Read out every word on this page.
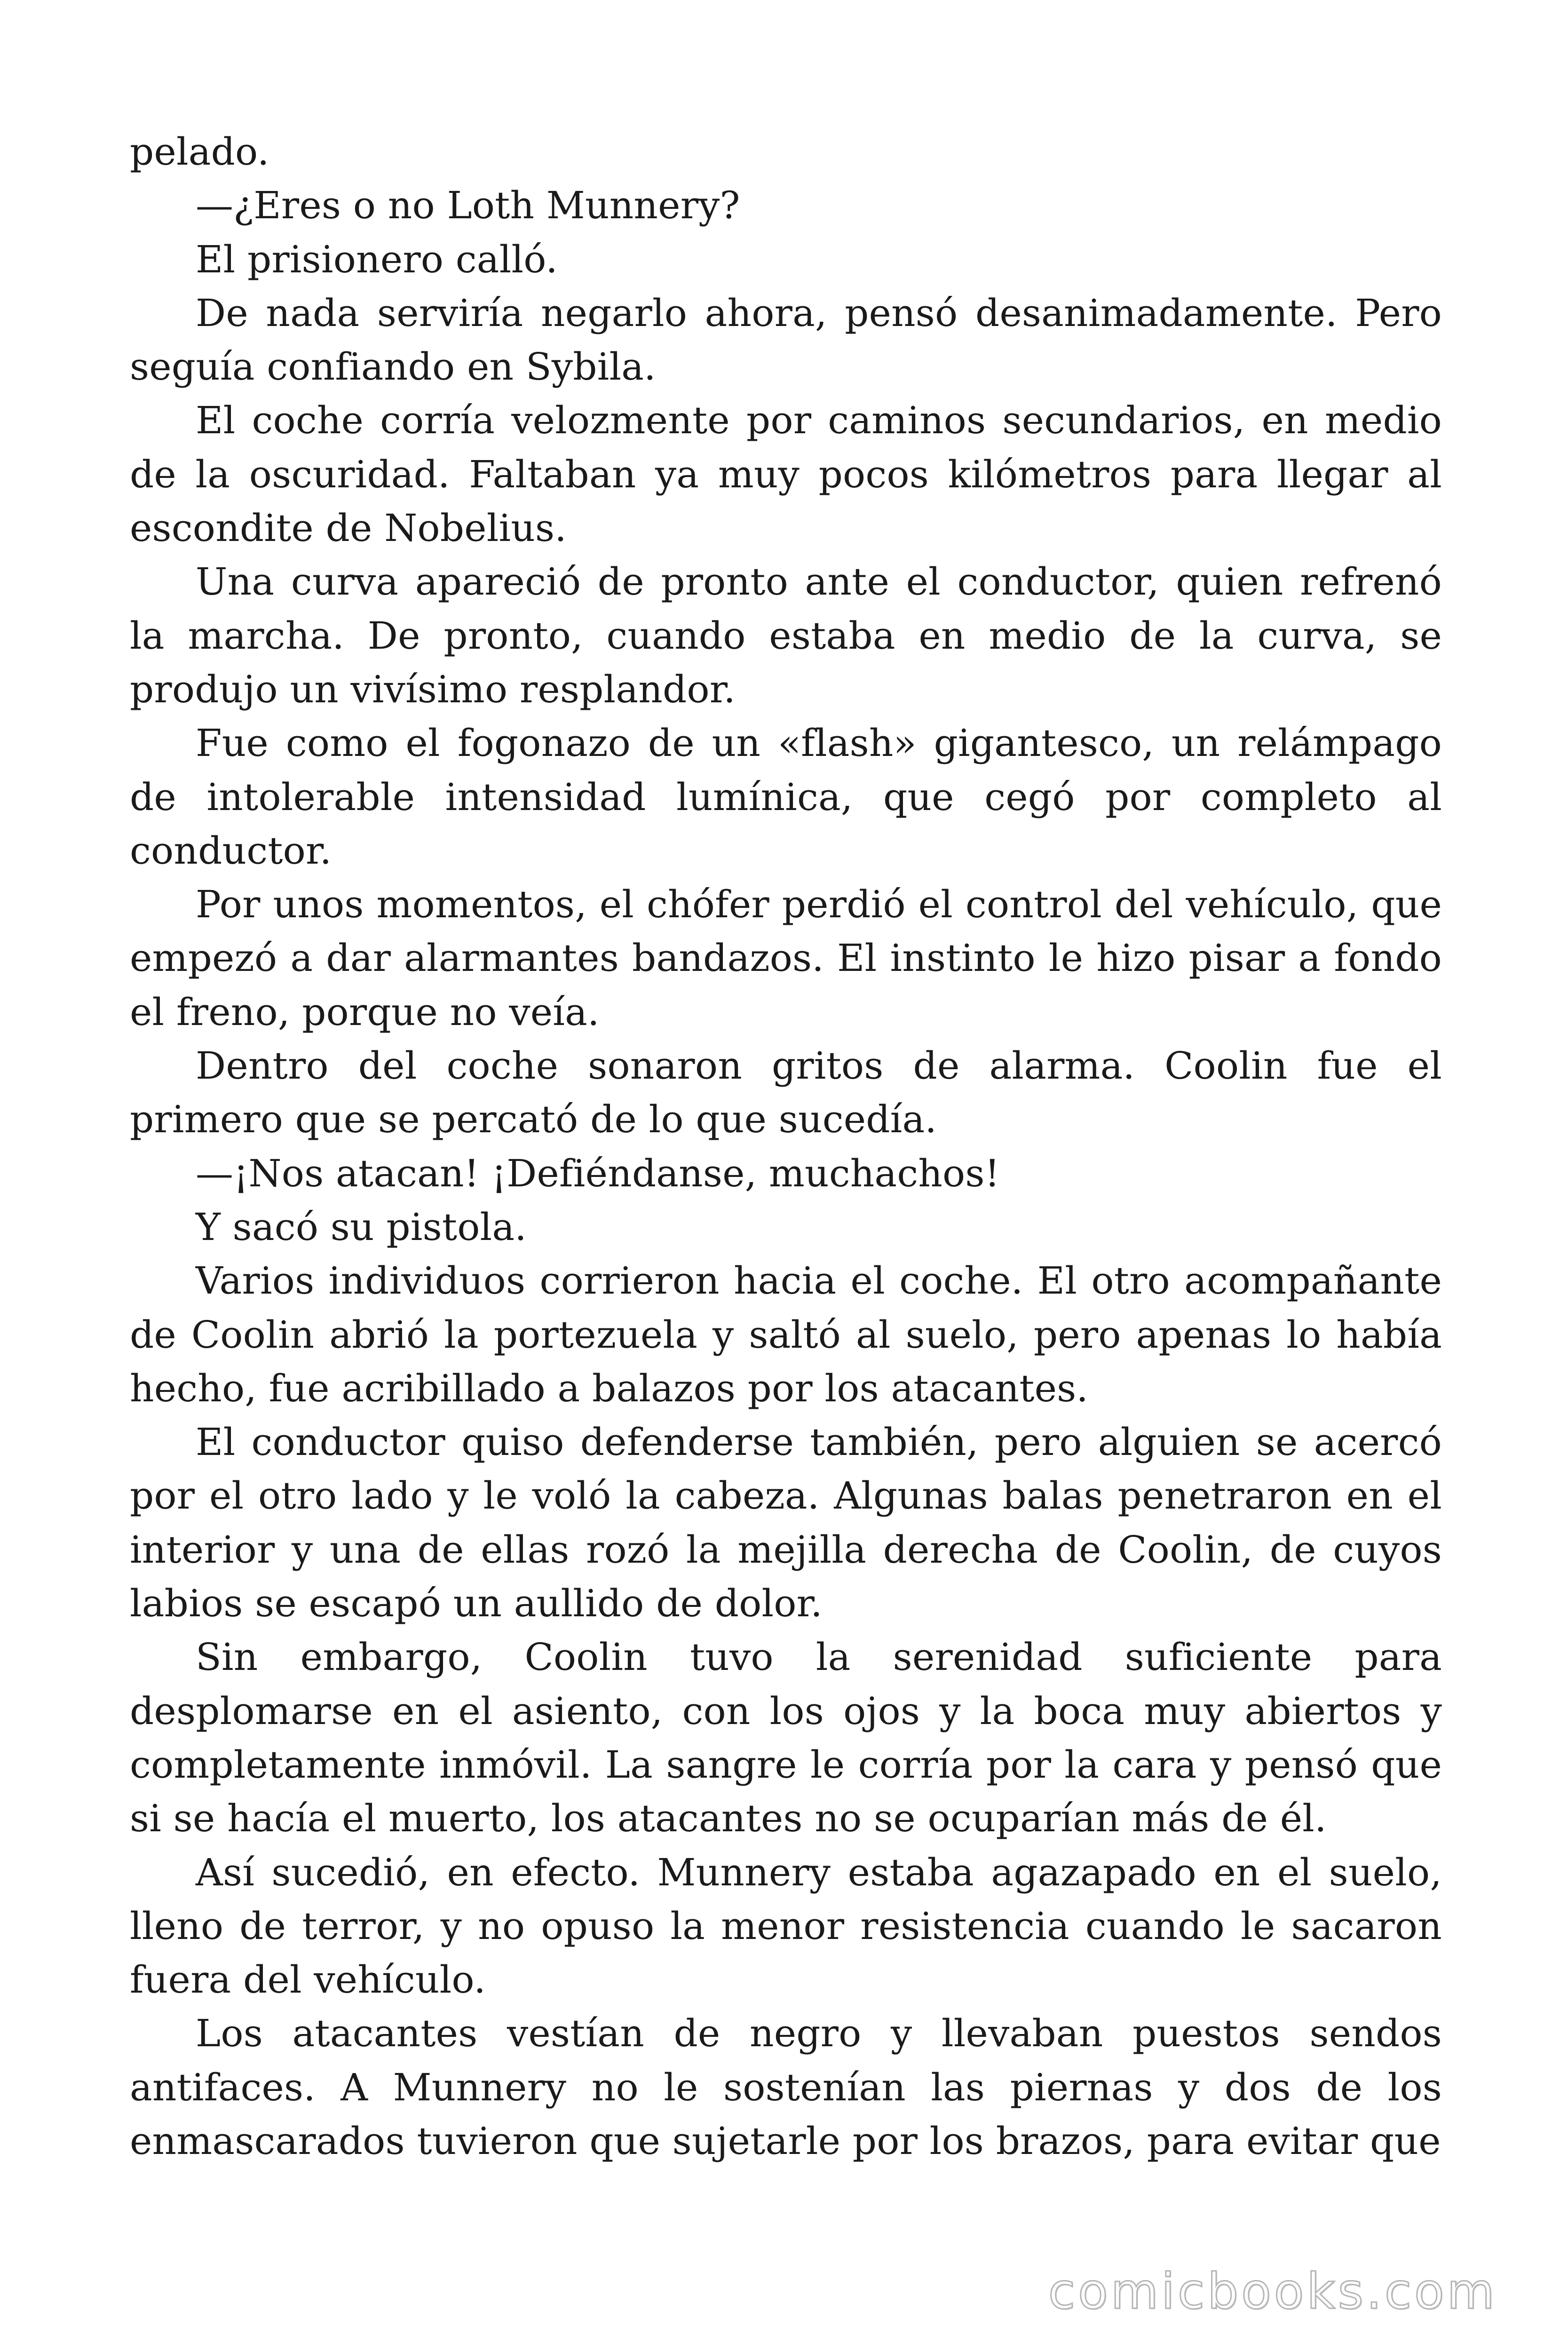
pelado.

—¿Eres o no Loth Munnery?

El prisionero calló.

De nada serviría negarlo ahora, pensó desanimadamente. Pero seguía confiando en Sybila.

El coche corría velozmente por caminos secundarios, en medio de la oscuridad. Faltaban ya muy pocos kilómetros para llegar al escondite de Nobelius.

Una curva apareció de pronto ante el conductor, quien refrenó la marcha. De pronto, cuando estaba en medio de la curva, se produjo un vivísimo resplandor.

Fue como el fogonazo de un «flash» gigantesco, un relámpago de intolerable intensidad lumínica, que cegó por completo al conductor.

Por unos momentos, el chófer perdió el control del vehículo, que empezó a dar alarmantes bandazos. El instinto le hizo pisar a fondo el freno, porque no veía.

Dentro del coche sonaron gritos de alarma. Coolin fue el primero que se percató de lo que sucedía.

—¡Nos atacan! ¡Defiéndanse, muchachos!

Y sacó su pistola.

Varios individuos corrieron hacia el coche. El otro acompañante de Coolin abrió la portezuela y saltó al suelo, pero apenas lo había hecho, fue acribillado a balazos por los atacantes.

El conductor quiso defenderse también, pero alguien se acercó por el otro lado y le voló la cabeza. Algunas balas penetraron en el interior y una de ellas rozó la mejilla derecha de Coolin, de cuyos labios se escapó un aullido de dolor.

Sin embargo, Coolin tuvo la serenidad suficiente para desplomarse en el asiento, con los ojos y la boca muy abiertos y completamente inmóvil. La sangre le corría por la cara y pensó que si se hacía el muerto, los atacantes no se ocuparían más de él.

Así sucedió, en efecto. Munnery estaba agazapado en el suelo, lleno de terror, y no opuso la menor resistencia cuando le sacaron fuera del vehículo.

Los atacantes vestían de negro y llevaban puestos sendos antifaces. A Munnery no le sostenían las piernas y dos de los enmascarados tuvieron que sujetarle por los brazos, para evitar que

comicbooks.com
